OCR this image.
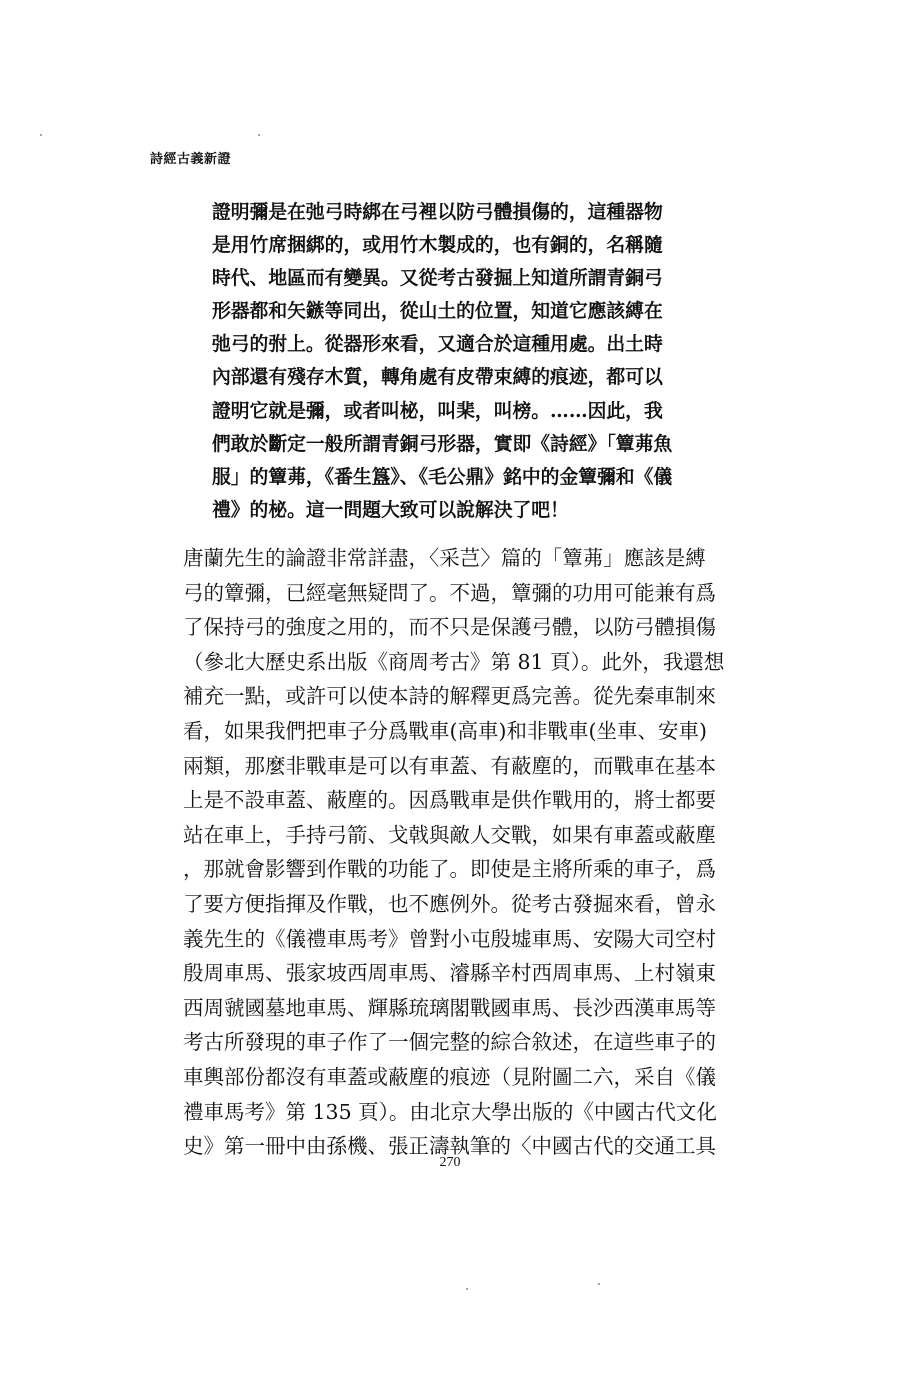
詩經古義新證
證明彌是在弛弓時綁在弓裡以防弓體損傷的，這種器物
是用竹席捆綁的，或用竹木製成的，也有銅的，名稱隨
時代、地區而有變異。又從考古發掘上知道所謂青銅弓
形器都和矢鏃等同出，從山土的位置，知道它應該縛在
弛弓的弣上。從器形來看，又適合於這種用處。出土時
內部還有殘存木質，轉角處有皮帶束縛的痕迹，都可以
證明它就是彌，或者叫柲，叫棐，叫榜。……因此，我
們敢於斷定一般所謂青銅弓形器，實即《詩經》「簟茀魚
服」的簟茀，《番生簋》、《毛公鼎》銘中的金簟彌和《儀
禮》的柲。這一問題大致可以說解決了吧！
唐蘭先生的論證非常詳盡，〈采芑〉篇的「簟茀」應該是縛
弓的簟彌，已經毫無疑問了。不過，簟彌的功用可能兼有爲
了保持弓的強度之用的，而不只是保護弓體，以防弓體損傷
（參北大歷史系出版《商周考古》第 81 頁）。此外，我還想
補充一點，或許可以使本詩的解釋更爲完善。從先秦車制來
看，如果我們把車子分爲戰車(高車)和非戰車(坐車、安車)
兩類，那麼非戰車是可以有車蓋、有蔽塵的，而戰車在基本
上是不設車蓋、蔽塵的。因爲戰車是供作戰用的，將士都要
站在車上，手持弓箭、戈戟與敵人交戰，如果有車蓋或蔽塵
，那就會影響到作戰的功能了。即使是主將所乘的車子，爲
了要方便指揮及作戰，也不應例外。從考古發掘來看，曾永
義先生的《儀禮車馬考》曾對小屯殷墟車馬、安陽大司空村
殷周車馬、張家坡西周車馬、濬縣辛村西周車馬、上村嶺東
西周虢國墓地車馬、輝縣琉璃閣戰國車馬、長沙西漢車馬等
考古所發現的車子作了一個完整的綜合敘述，在這些車子的
車輿部份都沒有車蓋或蔽塵的痕迹（見附圖二六，采自《儀
禮車馬考》第 135 頁）。由北京大學出版的《中國古代文化
史》第一冊中由孫機、張正濤執筆的〈中國古代的交通工具
270
